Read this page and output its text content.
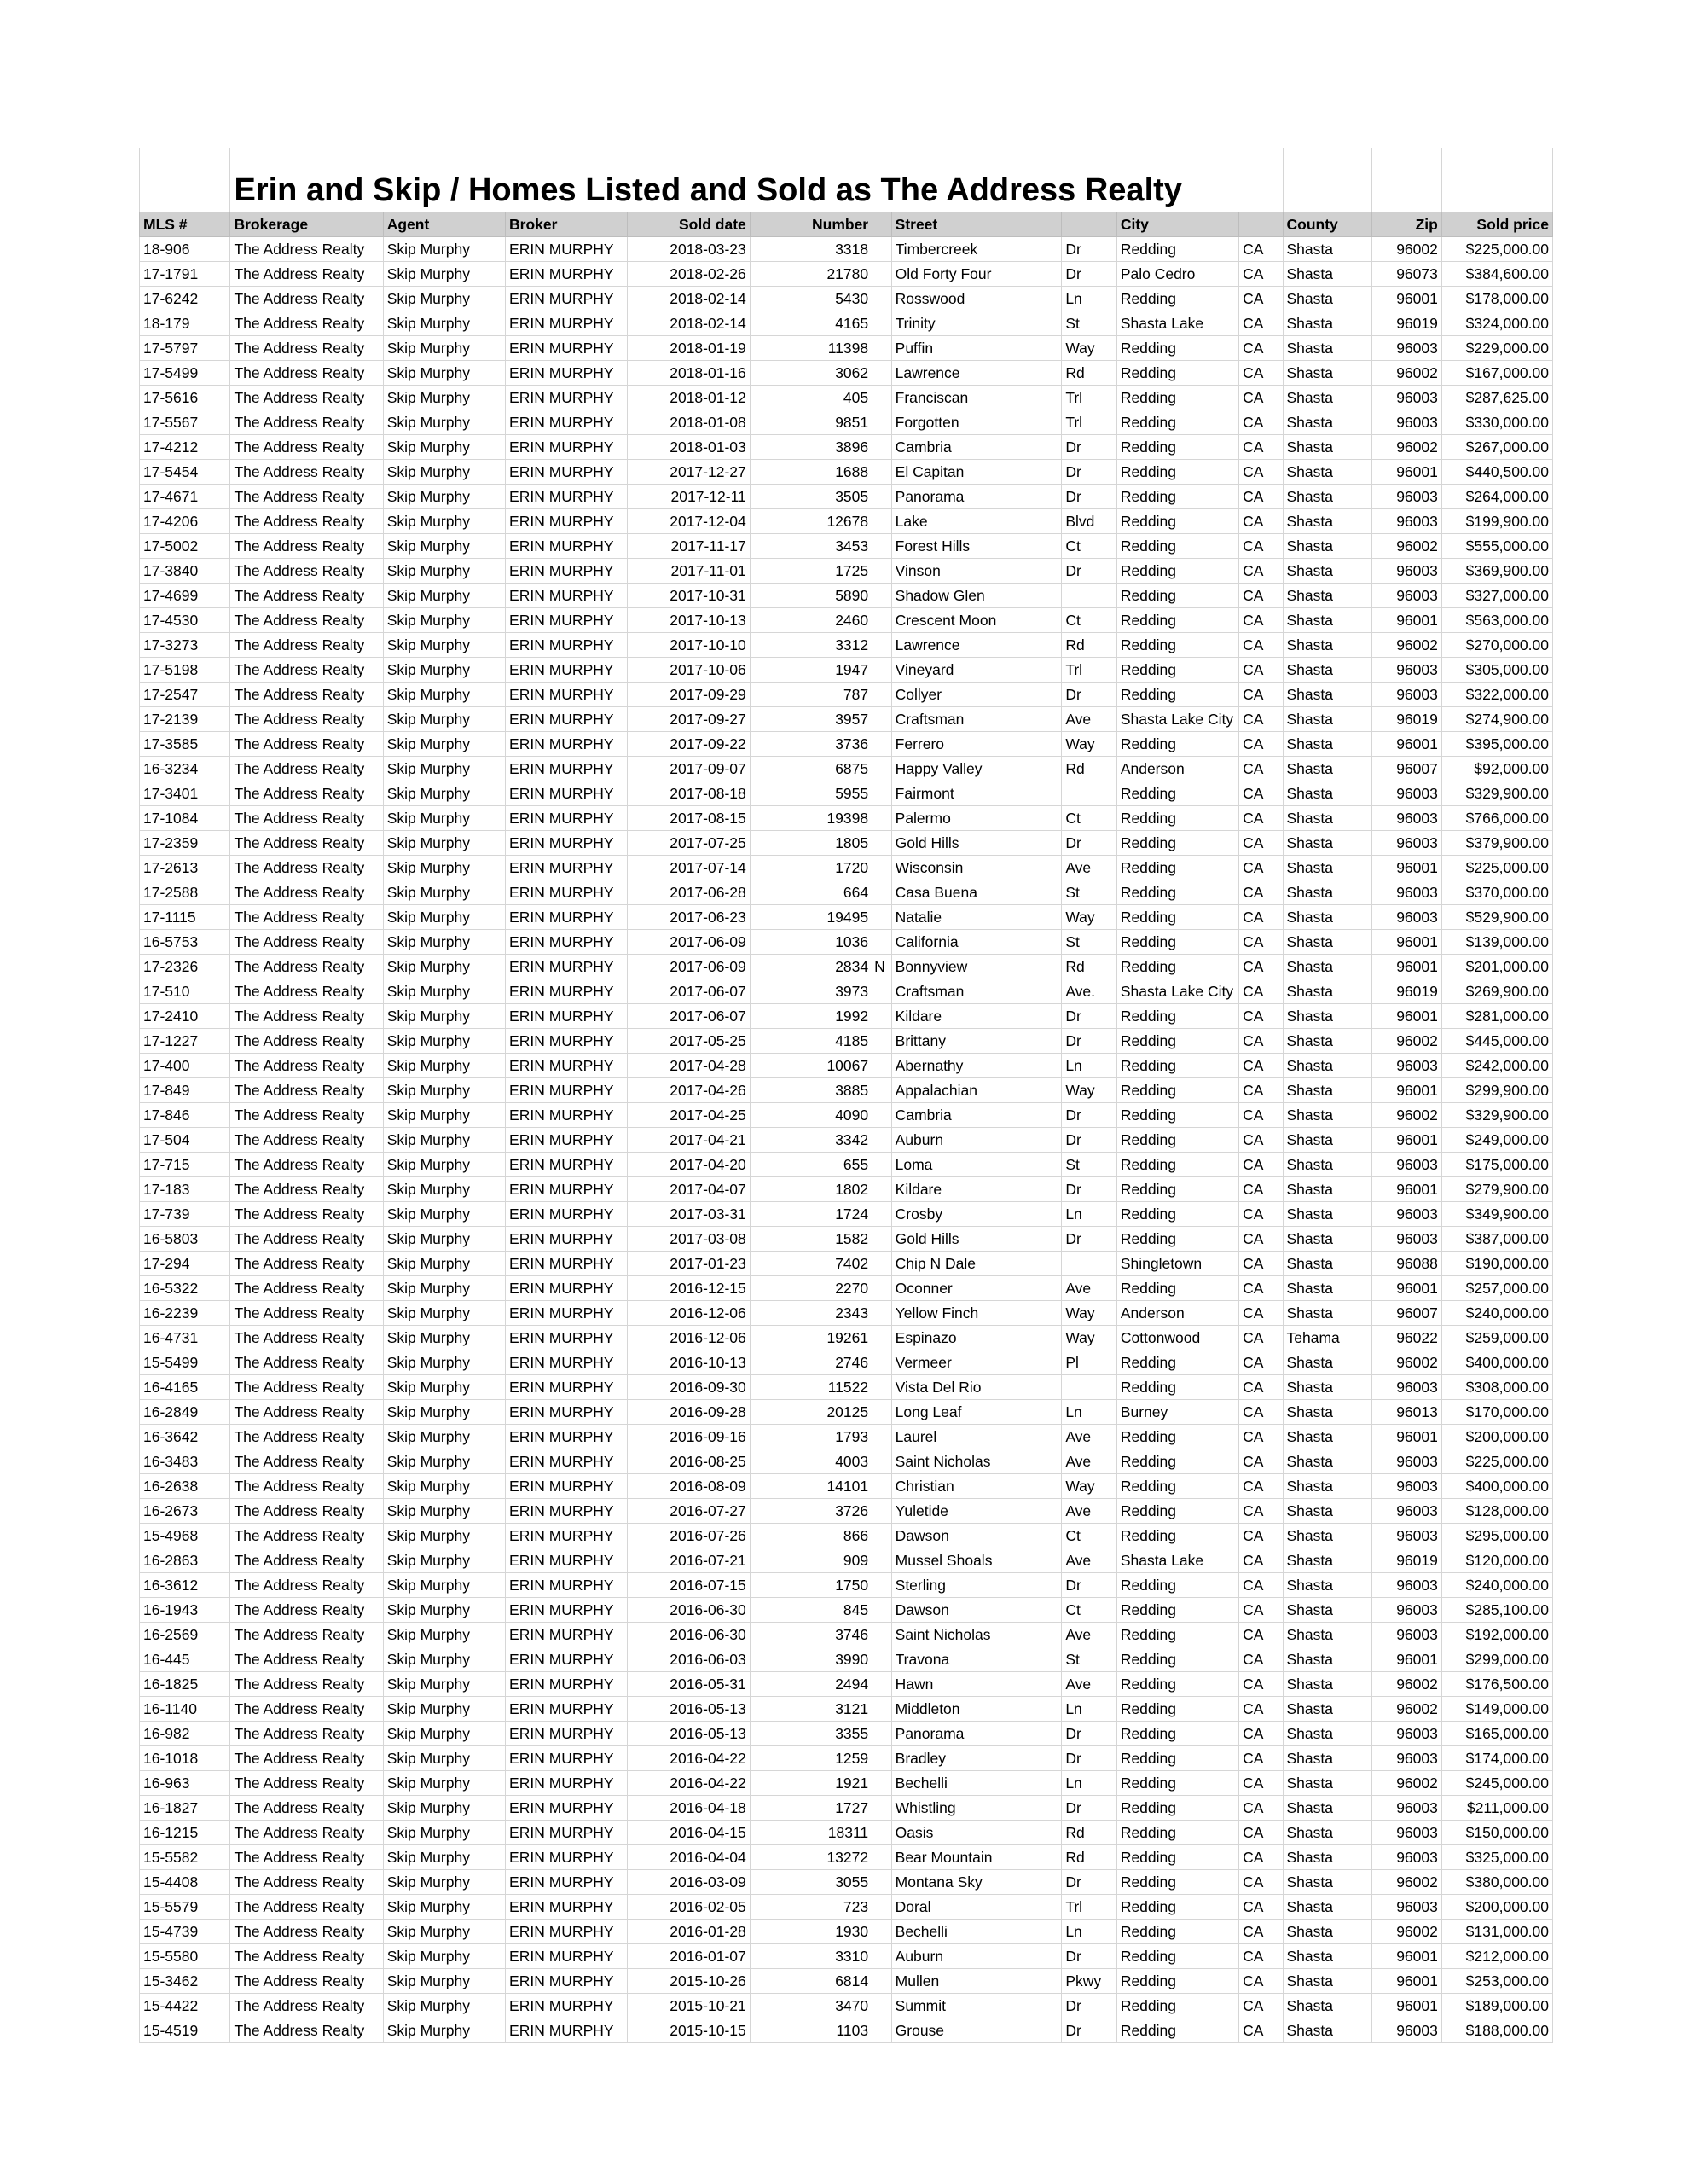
	Erin and Skip / Homes Listed and Sold as The Address Realty												
MLS #	Brokerage	Agent	Broker	Sold date	Number		Street		City		County	Zip	Sold price
18-906	The Address Realty	Skip Murphy	ERIN MURPHY	2018-03-23	3318		Timbercreek	Dr	Redding	CA	Shasta	96002	$225,000.00
17-1791	The Address Realty	Skip Murphy	ERIN MURPHY	2018-02-26	21780		Old Forty Four	Dr	Palo Cedro	CA	Shasta	96073	$384,600.00
17-6242	The Address Realty	Skip Murphy	ERIN MURPHY	2018-02-14	5430		Rosswood	Ln	Redding	CA	Shasta	96001	$178,000.00
18-179	The Address Realty	Skip Murphy	ERIN MURPHY	2018-02-14	4165		Trinity	St	Shasta Lake	CA	Shasta	96019	$324,000.00
17-5797	The Address Realty	Skip Murphy	ERIN MURPHY	2018-01-19	11398		Puffin	Way	Redding	CA	Shasta	96003	$229,000.00
17-5499	The Address Realty	Skip Murphy	ERIN MURPHY	2018-01-16	3062		Lawrence	Rd	Redding	CA	Shasta	96002	$167,000.00
17-5616	The Address Realty	Skip Murphy	ERIN MURPHY	2018-01-12	405		Franciscan	Trl	Redding	CA	Shasta	96003	$287,625.00
17-5567	The Address Realty	Skip Murphy	ERIN MURPHY	2018-01-08	9851		Forgotten	Trl	Redding	CA	Shasta	96003	$330,000.00
17-4212	The Address Realty	Skip Murphy	ERIN MURPHY	2018-01-03	3896		Cambria	Dr	Redding	CA	Shasta	96002	$267,000.00
17-5454	The Address Realty	Skip Murphy	ERIN MURPHY	2017-12-27	1688		El Capitan	Dr	Redding	CA	Shasta	96001	$440,500.00
17-4671	The Address Realty	Skip Murphy	ERIN MURPHY	2017-12-11	3505		Panorama	Dr	Redding	CA	Shasta	96003	$264,000.00
17-4206	The Address Realty	Skip Murphy	ERIN MURPHY	2017-12-04	12678		Lake	Blvd	Redding	CA	Shasta	96003	$199,900.00
17-5002	The Address Realty	Skip Murphy	ERIN MURPHY	2017-11-17	3453		Forest Hills	Ct	Redding	CA	Shasta	96002	$555,000.00
17-3840	The Address Realty	Skip Murphy	ERIN MURPHY	2017-11-01	1725		Vinson	Dr	Redding	CA	Shasta	96003	$369,900.00
17-4699	The Address Realty	Skip Murphy	ERIN MURPHY	2017-10-31	5890		Shadow Glen		Redding	CA	Shasta	96003	$327,000.00
17-4530	The Address Realty	Skip Murphy	ERIN MURPHY	2017-10-13	2460		Crescent Moon	Ct	Redding	CA	Shasta	96001	$563,000.00
17-3273	The Address Realty	Skip Murphy	ERIN MURPHY	2017-10-10	3312		Lawrence	Rd	Redding	CA	Shasta	96002	$270,000.00
17-5198	The Address Realty	Skip Murphy	ERIN MURPHY	2017-10-06	1947		Vineyard	Trl	Redding	CA	Shasta	96003	$305,000.00
17-2547	The Address Realty	Skip Murphy	ERIN MURPHY	2017-09-29	787		Collyer	Dr	Redding	CA	Shasta	96003	$322,000.00
17-2139	The Address Realty	Skip Murphy	ERIN MURPHY	2017-09-27	3957		Craftsman	Ave	Shasta Lake City	CA	Shasta	96019	$274,900.00
17-3585	The Address Realty	Skip Murphy	ERIN MURPHY	2017-09-22	3736		Ferrero	Way	Redding	CA	Shasta	96001	$395,000.00
16-3234	The Address Realty	Skip Murphy	ERIN MURPHY	2017-09-07	6875		Happy Valley	Rd	Anderson	CA	Shasta	96007	$92,000.00
17-3401	The Address Realty	Skip Murphy	ERIN MURPHY	2017-08-18	5955		Fairmont		Redding	CA	Shasta	96003	$329,900.00
17-1084	The Address Realty	Skip Murphy	ERIN MURPHY	2017-08-15	19398		Palermo	Ct	Redding	CA	Shasta	96003	$766,000.00
17-2359	The Address Realty	Skip Murphy	ERIN MURPHY	2017-07-25	1805		Gold Hills	Dr	Redding	CA	Shasta	96003	$379,900.00
17-2613	The Address Realty	Skip Murphy	ERIN MURPHY	2017-07-14	1720		Wisconsin	Ave	Redding	CA	Shasta	96001	$225,000.00
17-2588	The Address Realty	Skip Murphy	ERIN MURPHY	2017-06-28	664		Casa Buena	St	Redding	CA	Shasta	96003	$370,000.00
17-1115	The Address Realty	Skip Murphy	ERIN MURPHY	2017-06-23	19495		Natalie	Way	Redding	CA	Shasta	96003	$529,900.00
16-5753	The Address Realty	Skip Murphy	ERIN MURPHY	2017-06-09	1036		California	St	Redding	CA	Shasta	96001	$139,000.00
17-2326	The Address Realty	Skip Murphy	ERIN MURPHY	2017-06-09	2834	N	Bonnyview	Rd	Redding	CA	Shasta	96001	$201,000.00
17-510	The Address Realty	Skip Murphy	ERIN MURPHY	2017-06-07	3973		Craftsman	Ave.	Shasta Lake City	CA	Shasta	96019	$269,900.00
17-2410	The Address Realty	Skip Murphy	ERIN MURPHY	2017-06-07	1992		Kildare	Dr	Redding	CA	Shasta	96001	$281,000.00
17-1227	The Address Realty	Skip Murphy	ERIN MURPHY	2017-05-25	4185		Brittany	Dr	Redding	CA	Shasta	96002	$445,000.00
17-400	The Address Realty	Skip Murphy	ERIN MURPHY	2017-04-28	10067		Abernathy	Ln	Redding	CA	Shasta	96003	$242,000.00
17-849	The Address Realty	Skip Murphy	ERIN MURPHY	2017-04-26	3885		Appalachian	Way	Redding	CA	Shasta	96001	$299,900.00
17-846	The Address Realty	Skip Murphy	ERIN MURPHY	2017-04-25	4090		Cambria	Dr	Redding	CA	Shasta	96002	$329,900.00
17-504	The Address Realty	Skip Murphy	ERIN MURPHY	2017-04-21	3342		Auburn	Dr	Redding	CA	Shasta	96001	$249,000.00
17-715	The Address Realty	Skip Murphy	ERIN MURPHY	2017-04-20	655		Loma	St	Redding	CA	Shasta	96003	$175,000.00
17-183	The Address Realty	Skip Murphy	ERIN MURPHY	2017-04-07	1802		Kildare	Dr	Redding	CA	Shasta	96001	$279,900.00
17-739	The Address Realty	Skip Murphy	ERIN MURPHY	2017-03-31	1724		Crosby	Ln	Redding	CA	Shasta	96003	$349,900.00
16-5803	The Address Realty	Skip Murphy	ERIN MURPHY	2017-03-08	1582		Gold Hills	Dr	Redding	CA	Shasta	96003	$387,000.00
17-294	The Address Realty	Skip Murphy	ERIN MURPHY	2017-01-23	7402		Chip N Dale		Shingletown	CA	Shasta	96088	$190,000.00
16-5322	The Address Realty	Skip Murphy	ERIN MURPHY	2016-12-15	2270		Oconner	Ave	Redding	CA	Shasta	96001	$257,000.00
16-2239	The Address Realty	Skip Murphy	ERIN MURPHY	2016-12-06	2343		Yellow Finch	Way	Anderson	CA	Shasta	96007	$240,000.00
16-4731	The Address Realty	Skip Murphy	ERIN MURPHY	2016-12-06	19261		Espinazo	Way	Cottonwood	CA	Tehama	96022	$259,000.00
15-5499	The Address Realty	Skip Murphy	ERIN MURPHY	2016-10-13	2746		Vermeer	Pl	Redding	CA	Shasta	96002	$400,000.00
16-4165	The Address Realty	Skip Murphy	ERIN MURPHY	2016-09-30	11522		Vista Del Rio		Redding	CA	Shasta	96003	$308,000.00
16-2849	The Address Realty	Skip Murphy	ERIN MURPHY	2016-09-28	20125		Long Leaf	Ln	Burney	CA	Shasta	96013	$170,000.00
16-3642	The Address Realty	Skip Murphy	ERIN MURPHY	2016-09-16	1793		Laurel	Ave	Redding	CA	Shasta	96001	$200,000.00
16-3483	The Address Realty	Skip Murphy	ERIN MURPHY	2016-08-25	4003		Saint Nicholas	Ave	Redding	CA	Shasta	96003	$225,000.00
16-2638	The Address Realty	Skip Murphy	ERIN MURPHY	2016-08-09	14101		Christian	Way	Redding	CA	Shasta	96003	$400,000.00
16-2673	The Address Realty	Skip Murphy	ERIN MURPHY	2016-07-27	3726		Yuletide	Ave	Redding	CA	Shasta	96003	$128,000.00
15-4968	The Address Realty	Skip Murphy	ERIN MURPHY	2016-07-26	866		Dawson	Ct	Redding	CA	Shasta	96003	$295,000.00
16-2863	The Address Realty	Skip Murphy	ERIN MURPHY	2016-07-21	909		Mussel Shoals	Ave	Shasta Lake	CA	Shasta	96019	$120,000.00
16-3612	The Address Realty	Skip Murphy	ERIN MURPHY	2016-07-15	1750		Sterling	Dr	Redding	CA	Shasta	96003	$240,000.00
16-1943	The Address Realty	Skip Murphy	ERIN MURPHY	2016-06-30	845		Dawson	Ct	Redding	CA	Shasta	96003	$285,100.00
16-2569	The Address Realty	Skip Murphy	ERIN MURPHY	2016-06-30	3746		Saint Nicholas	Ave	Redding	CA	Shasta	96003	$192,000.00
16-445	The Address Realty	Skip Murphy	ERIN MURPHY	2016-06-03	3990		Travona	St	Redding	CA	Shasta	96001	$299,000.00
16-1825	The Address Realty	Skip Murphy	ERIN MURPHY	2016-05-31	2494		Hawn	Ave	Redding	CA	Shasta	96002	$176,500.00
16-1140	The Address Realty	Skip Murphy	ERIN MURPHY	2016-05-13	3121		Middleton	Ln	Redding	CA	Shasta	96002	$149,000.00
16-982	The Address Realty	Skip Murphy	ERIN MURPHY	2016-05-13	3355		Panorama	Dr	Redding	CA	Shasta	96003	$165,000.00
16-1018	The Address Realty	Skip Murphy	ERIN MURPHY	2016-04-22	1259		Bradley	Dr	Redding	CA	Shasta	96003	$174,000.00
16-963	The Address Realty	Skip Murphy	ERIN MURPHY	2016-04-22	1921		Bechelli	Ln	Redding	CA	Shasta	96002	$245,000.00
16-1827	The Address Realty	Skip Murphy	ERIN MURPHY	2016-04-18	1727		Whistling	Dr	Redding	CA	Shasta	96003	$211,000.00
16-1215	The Address Realty	Skip Murphy	ERIN MURPHY	2016-04-15	18311		Oasis	Rd	Redding	CA	Shasta	96003	$150,000.00
15-5582	The Address Realty	Skip Murphy	ERIN MURPHY	2016-04-04	13272		Bear Mountain	Rd	Redding	CA	Shasta	96003	$325,000.00
15-4408	The Address Realty	Skip Murphy	ERIN MURPHY	2016-03-09	3055		Montana Sky	Dr	Redding	CA	Shasta	96002	$380,000.00
15-5579	The Address Realty	Skip Murphy	ERIN MURPHY	2016-02-05	723		Doral	Trl	Redding	CA	Shasta	96003	$200,000.00
15-4739	The Address Realty	Skip Murphy	ERIN MURPHY	2016-01-28	1930		Bechelli	Ln	Redding	CA	Shasta	96002	$131,000.00
15-5580	The Address Realty	Skip Murphy	ERIN MURPHY	2016-01-07	3310		Auburn	Dr	Redding	CA	Shasta	96001	$212,000.00
15-3462	The Address Realty	Skip Murphy	ERIN MURPHY	2015-10-26	6814		Mullen	Pkwy	Redding	CA	Shasta	96001	$253,000.00
15-4422	The Address Realty	Skip Murphy	ERIN MURPHY	2015-10-21	3470		Summit	Dr	Redding	CA	Shasta	96001	$189,000.00
15-4519	The Address Realty	Skip Murphy	ERIN MURPHY	2015-10-15	1103		Grouse	Dr	Redding	CA	Shasta	96003	$188,000.00
